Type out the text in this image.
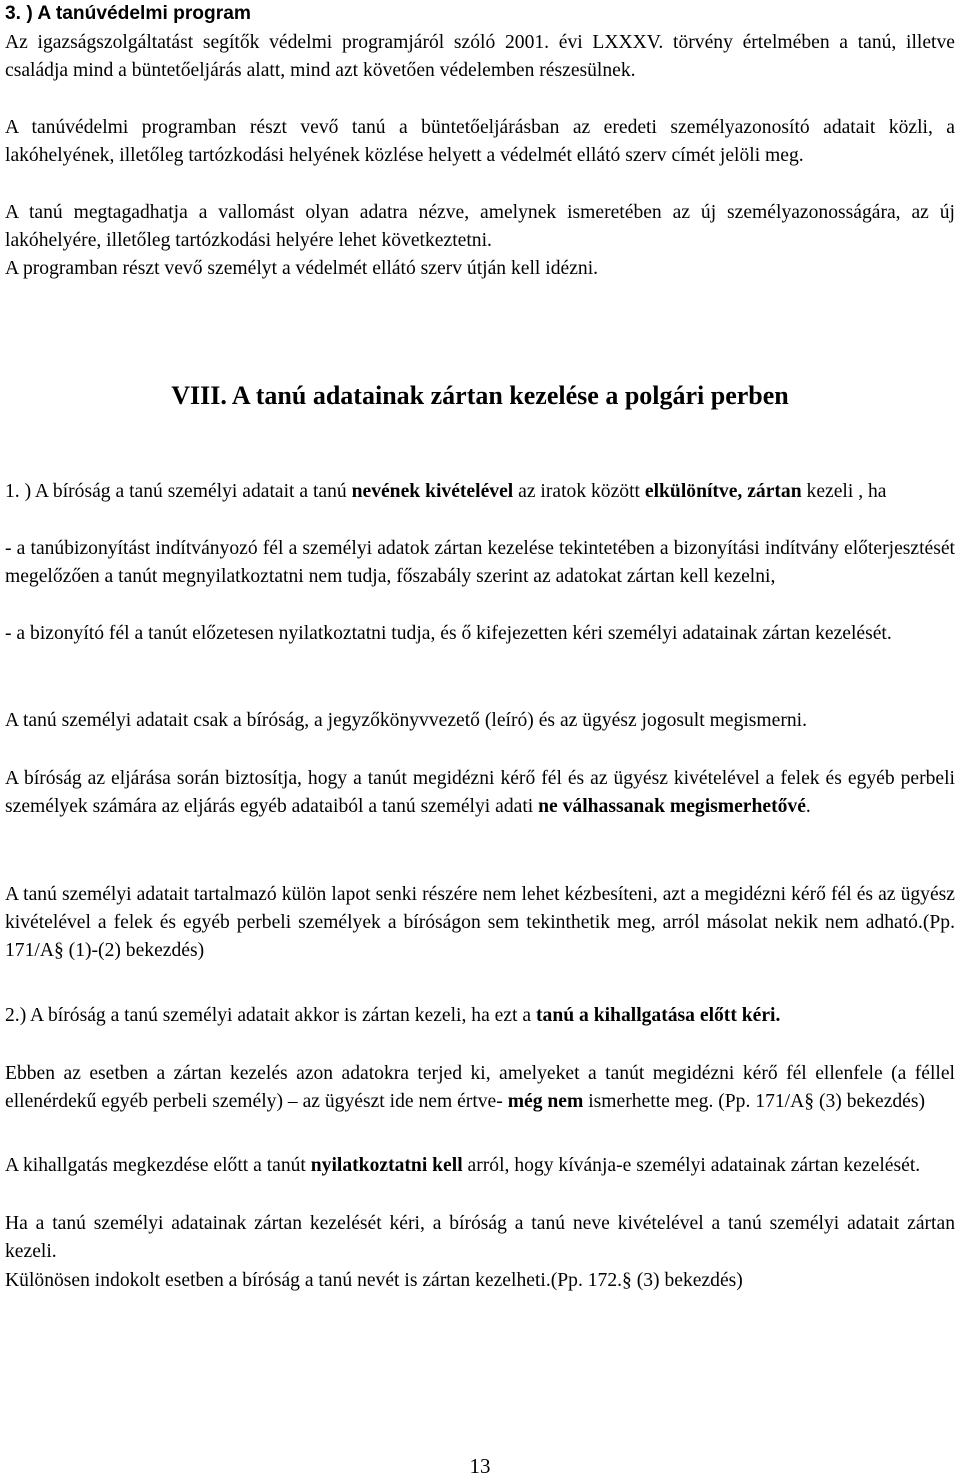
3. ) A tanúvédelmi program

Az igazságszolgáltatást segítők védelmi programjáról szóló 2001. évi LXXXV. törvény értelmében a tanú, illetve családja mind a büntetőeljárás alatt, mind azt követően védelemben részesülnek.

A tanúvédelmi programban részt vevő tanú a büntetőeljárásban az eredeti személyazonosító adatait közli, a lakóhelyének, illetőleg tartózkodási helyének közlése helyett a védelmét ellátó szerv címét jelöli meg.

A tanú megtagadhatja a vallomást olyan adatra nézve, amelynek ismeretében az új személyazonosságára, az új lakóhelyére, illetőleg tartózkodási helyére lehet következtetni.

A programban részt vevő személyt a védelmét ellátó szerv útján kell idézni.

VIII. A tanú adatainak zártan kezelése a polgári perben

1. ) A bíróság a tanú személyi adatait a tanú nevének kivételével az iratok között elkülönítve, zártan kezeli , ha

- a tanúbizonyítást indítványozó fél a személyi adatok zártan kezelése tekintetében a bizonyítási indítvány előterjesztését megelőzően a tanút megnyilatkoztatni nem tudja, főszabály szerint az adatokat zártan kell kezelni,

- a bizonyító fél a tanút előzetesen nyilatkoztatni tudja, és ő kifejezetten kéri személyi adatainak zártan kezelését.

A tanú személyi adatait csak a bíróság, a jegyzőkönyvvezető (leíró) és az ügyész jogosult megismerni.

A bíróság az eljárása során biztosítja, hogy a tanút megidézni kérő fél és az ügyész kivételével a felek és egyéb perbeli személyek számára az eljárás egyéb adataiból a tanú személyi adati ne válhassanak megismerhetővé.

A tanú személyi adatait tartalmazó külön lapot senki részére nem lehet kézbesíteni, azt a megidézni kérő fél és az ügyész kivételével a felek és egyéb perbeli személyek a bíróságon sem tekinthetik meg, arról másolat nekik nem adható.(Pp. 171/A§ (1)-(2) bekezdés)

2.) A bíróság a tanú személyi adatait akkor is zártan kezeli, ha ezt a tanú a kihallgatása előtt kéri.

Ebben az esetben a zártan kezelés azon adatokra terjed ki, amelyeket a tanút megidézni kérő fél ellenfele (a féllel ellenérdekű egyéb perbeli személy) – az ügyészt ide nem értve- még nem ismerhette meg. (Pp. 171/A§ (3) bekezdés)

A kihallgatás megkezdése előtt a tanút nyilatkoztatni kell arról, hogy kívánja-e személyi adatainak zártan kezelését.

Ha a tanú személyi adatainak zártan kezelését kéri, a bíróság a tanú neve kivételével a tanú személyi adatait zártan kezeli.

Különösen indokolt esetben a bíróság a tanú nevét is zártan kezelheti.(Pp. 172.§ (3) bekezdés)

13
